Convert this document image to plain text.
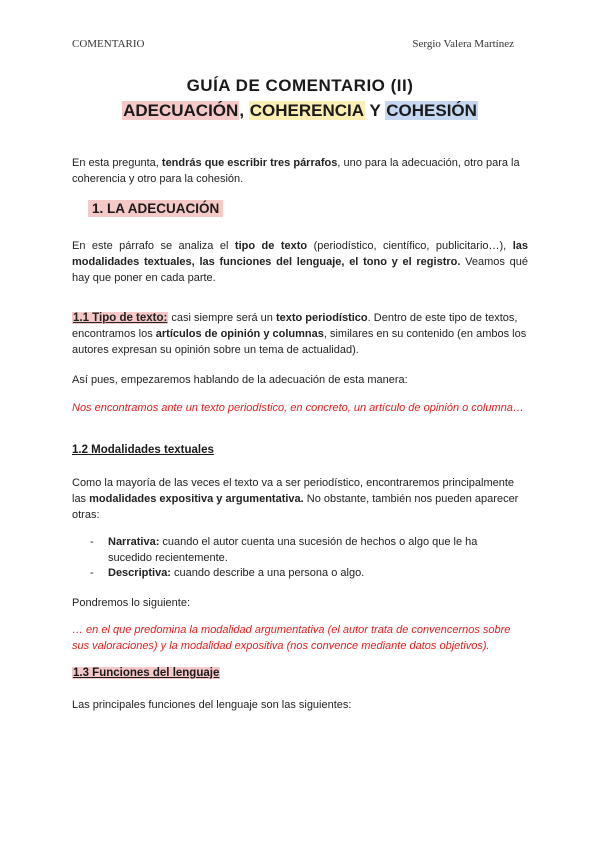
COMENTARIO	Sergio Valera Martínez
GUÍA DE COMENTARIO (II)
ADECUACIÓN, COHERENCIA Y COHESIÓN
En esta pregunta, tendrás que escribir tres párrafos, uno para la adecuación, otro para la coherencia y otro para la cohesión.
1. LA ADECUACIÓN
En este párrafo se analiza el tipo de texto (periodístico, científico, publicitario…), las modalidades textuales, las funciones del lenguaje, el tono y el registro. Veamos qué hay que poner en cada parte.
1.1 Tipo de texto: casi siempre será un texto periodístico. Dentro de este tipo de textos, encontramos los artículos de opinión y columnas, similares en su contenido (en ambos los autores expresan su opinión sobre un tema de actualidad).
Así pues, empezaremos hablando de la adecuación de esta manera:
Nos encontramos ante un texto periodístico, en concreto, un artículo de opinión o columna…
1.2 Modalidades textuales
Como la mayoría de las veces el texto va a ser periodístico, encontraremos principalmente las modalidades expositiva y argumentativa. No obstante, también nos pueden aparecer otras:
- Narrativa: cuando el autor cuenta una sucesión de hechos o algo que le ha sucedido recientemente.
- Descriptiva: cuando describe a una persona o algo.
Pondremos lo siguiente:
… en el que predomina la modalidad argumentativa (el autor trata de convencernos sobre sus valoraciones) y la modalidad expositiva (nos convence mediante datos objetivos).
1.3 Funciones del lenguaje
Las principales funciones del lenguaje son las siguientes:
